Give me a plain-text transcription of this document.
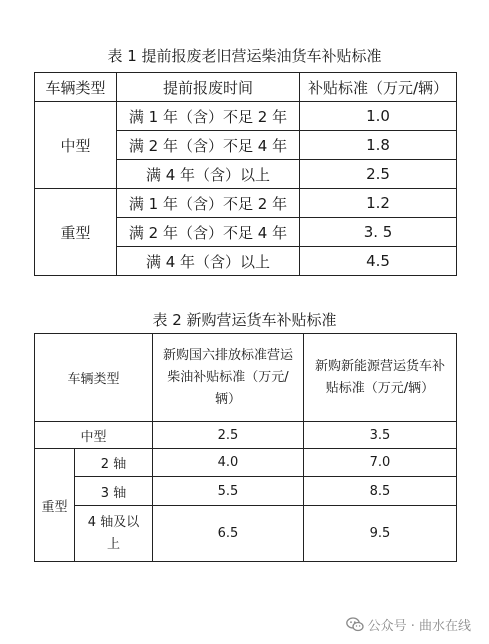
表 1 提前报废老旧营运柴油货车补贴标准
车辆类型	提前报废时间	补贴标准（万元/辆）
中型	满 1 年（含）不足 2 年	1.0
	满 2 年（含）不足 4 年	1.8
	满 4 年（含）以上	2.5
重型	满 1 年（含）不足 2 年	1.2
	满 2 年（含）不足 4 年	3. 5
	满 4 年（含）以上	4.5
表 2 新购营运货车补贴标准
车辆类型		新购国六排放标准营运柴油补贴标准（万元/辆）	新购新能源营运货车补贴标准（万元/辆）
中型		2.5	3.5
重型	2 轴	4.0	7.0
	3 轴	5.5	8.5
	4 轴及以上	6.5	9.5
公众号 · 曲水在线
